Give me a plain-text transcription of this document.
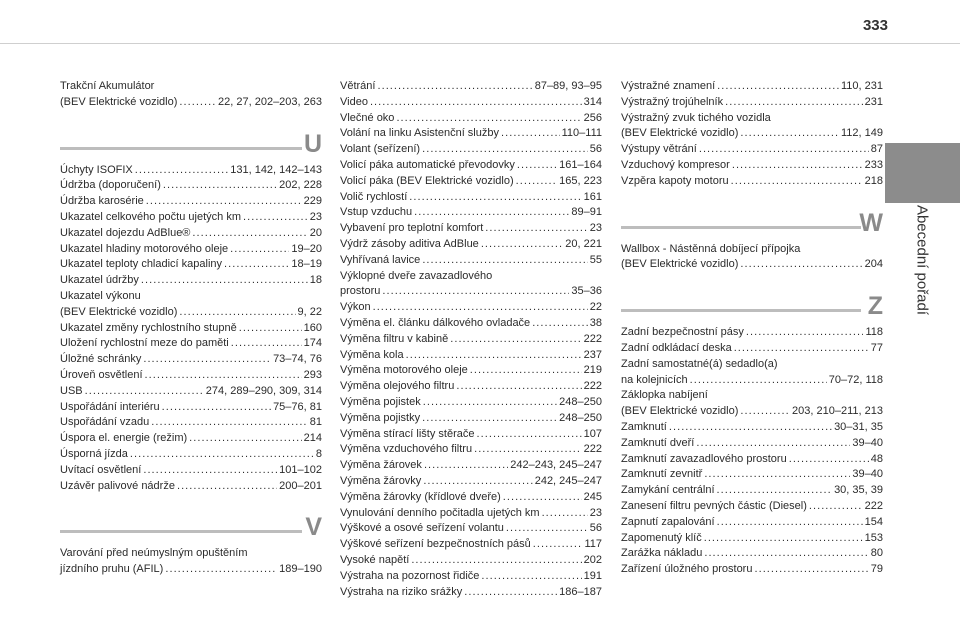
333
Abecední pořadí
Trakční Akumulátor
(BEV Elektrické vozidlo) . . .	22, 27, 202–203, 263
U
Úchyty ISOFIX . . .	131, 142, 142–143
Údržba (doporučení) . . .	202, 228
Údržba karosérie . . .	229
Ukazatel celkového počtu ujetých km . . .	23
Ukazatel dojezdu AdBlue® . . .	20
Ukazatel hladiny motorového oleje . . .	19–20
Ukazatel teploty chladicí kapaliny . . .	18–19
Ukazatel údržby . . .	18
Ukazatel výkonu
(BEV Elektrické vozidlo) . . .	9, 22
Ukazatel změny rychlostního stupně . . .	160
Uložení rychlostní meze do paměti . . .	174
Úložné schránky . . .	73–74, 76
Úroveň osvětlení . . .	293
USB . . .	274, 289–290, 309, 314
Uspořádání interiéru . . .	75–76, 81
Uspořádání vzadu . . .	81
Úspora el. energie (režim) . . .	214
Úsporná jízda . . .	8
Uvítací osvětlení . . .	101–102
Uzávěr palivové nádrže . . .	200–201
V
Varování před neúmyslným opuštěním
jízdního pruhu (AFIL) . . .	189–190
Větrání . . .	87–89, 93–95
Video . . .	314
Vlečné oko . . .	256
Volání na linku Asistenční služby . . .	110–111
Volant (seřízení) . . .	56
Volicí páka automatické převodovky . . .	161–164
Volicí páka (BEV Elektrické vozidlo) . . .	165, 223
Volič rychlostí . . .	161
Vstup vzduchu . . .	89–91
Vybavení pro teplotní komfort . . .	23
Výdrž zásoby aditiva AdBlue . . .	20, 221
Vyhřívaná lavice . . .	55
Výklopné dveře zavazadlového
prostoru . . .	35–36
Výkon . . .	22
Výměna el. článku dálkového ovladače . . .	38
Výměna filtru v kabině . . .	222
Výměna kola . . .	237
Výměna motorového oleje . . .	219
Výměna olejového filtru . . .	222
Výměna pojistek . . .	248–250
Výměna pojistky . . .	248–250
Výměna stírací lišty stěrače . . .	107
Výměna vzduchového filtru . . .	222
Výměna žárovek . . .	242–243, 245–247
Výměna žárovky . . .	242, 245–247
Výměna žárovky (křídlové dveře) . . .	245
Vynulování denního počitadla ujetých km . . .	23
Výškové a osové seřízení volantu . . .	56
Výškové seřízení bezpečnostních pásů . . .	117
Vysoké napětí . . .	202
Výstraha na pozornost řidiče . . .	191
Výstraha na riziko srážky . . .	186–187
Výstražné znamení . . .	110, 231
Výstražný trojúhelník . . .	231
Výstražný zvuk tichého vozidla
(BEV Elektrické vozidlo) . . .	112, 149
Výstupy větrání . . .	87
Vzduchový kompresor . . .	233
Vzpěra kapoty motoru . . .	218
W
Wallbox - Nástěnná dobíjecí přípojka
(BEV Elektrické vozidlo) . . .	204
Z
Zadní bezpečnostní pásy . . .	118
Zadní odkládací deska . . .	77
Zadní samostatné(á) sedadlo(a)
na kolejnicích . . .	70–72, 118
Záklopka nabíjení
(BEV Elektrické vozidlo) . . .	203, 210–211, 213
Zamknutí . . .	30–31, 35
Zamknutí dveří . . .	39–40
Zamknutí zavazadlového prostoru . . .	48
Zamknutí zevnitř . . .	39–40
Zamykání centrální . . .	30, 35, 39
Zanesení filtru pevných částic (Diesel) . . .	222
Zapnutí zapalování . . .	154
Zapomenutý klíč . . .	153
Zarážka nákladu . . .	80
Zařízení úložného prostoru . . .	79
